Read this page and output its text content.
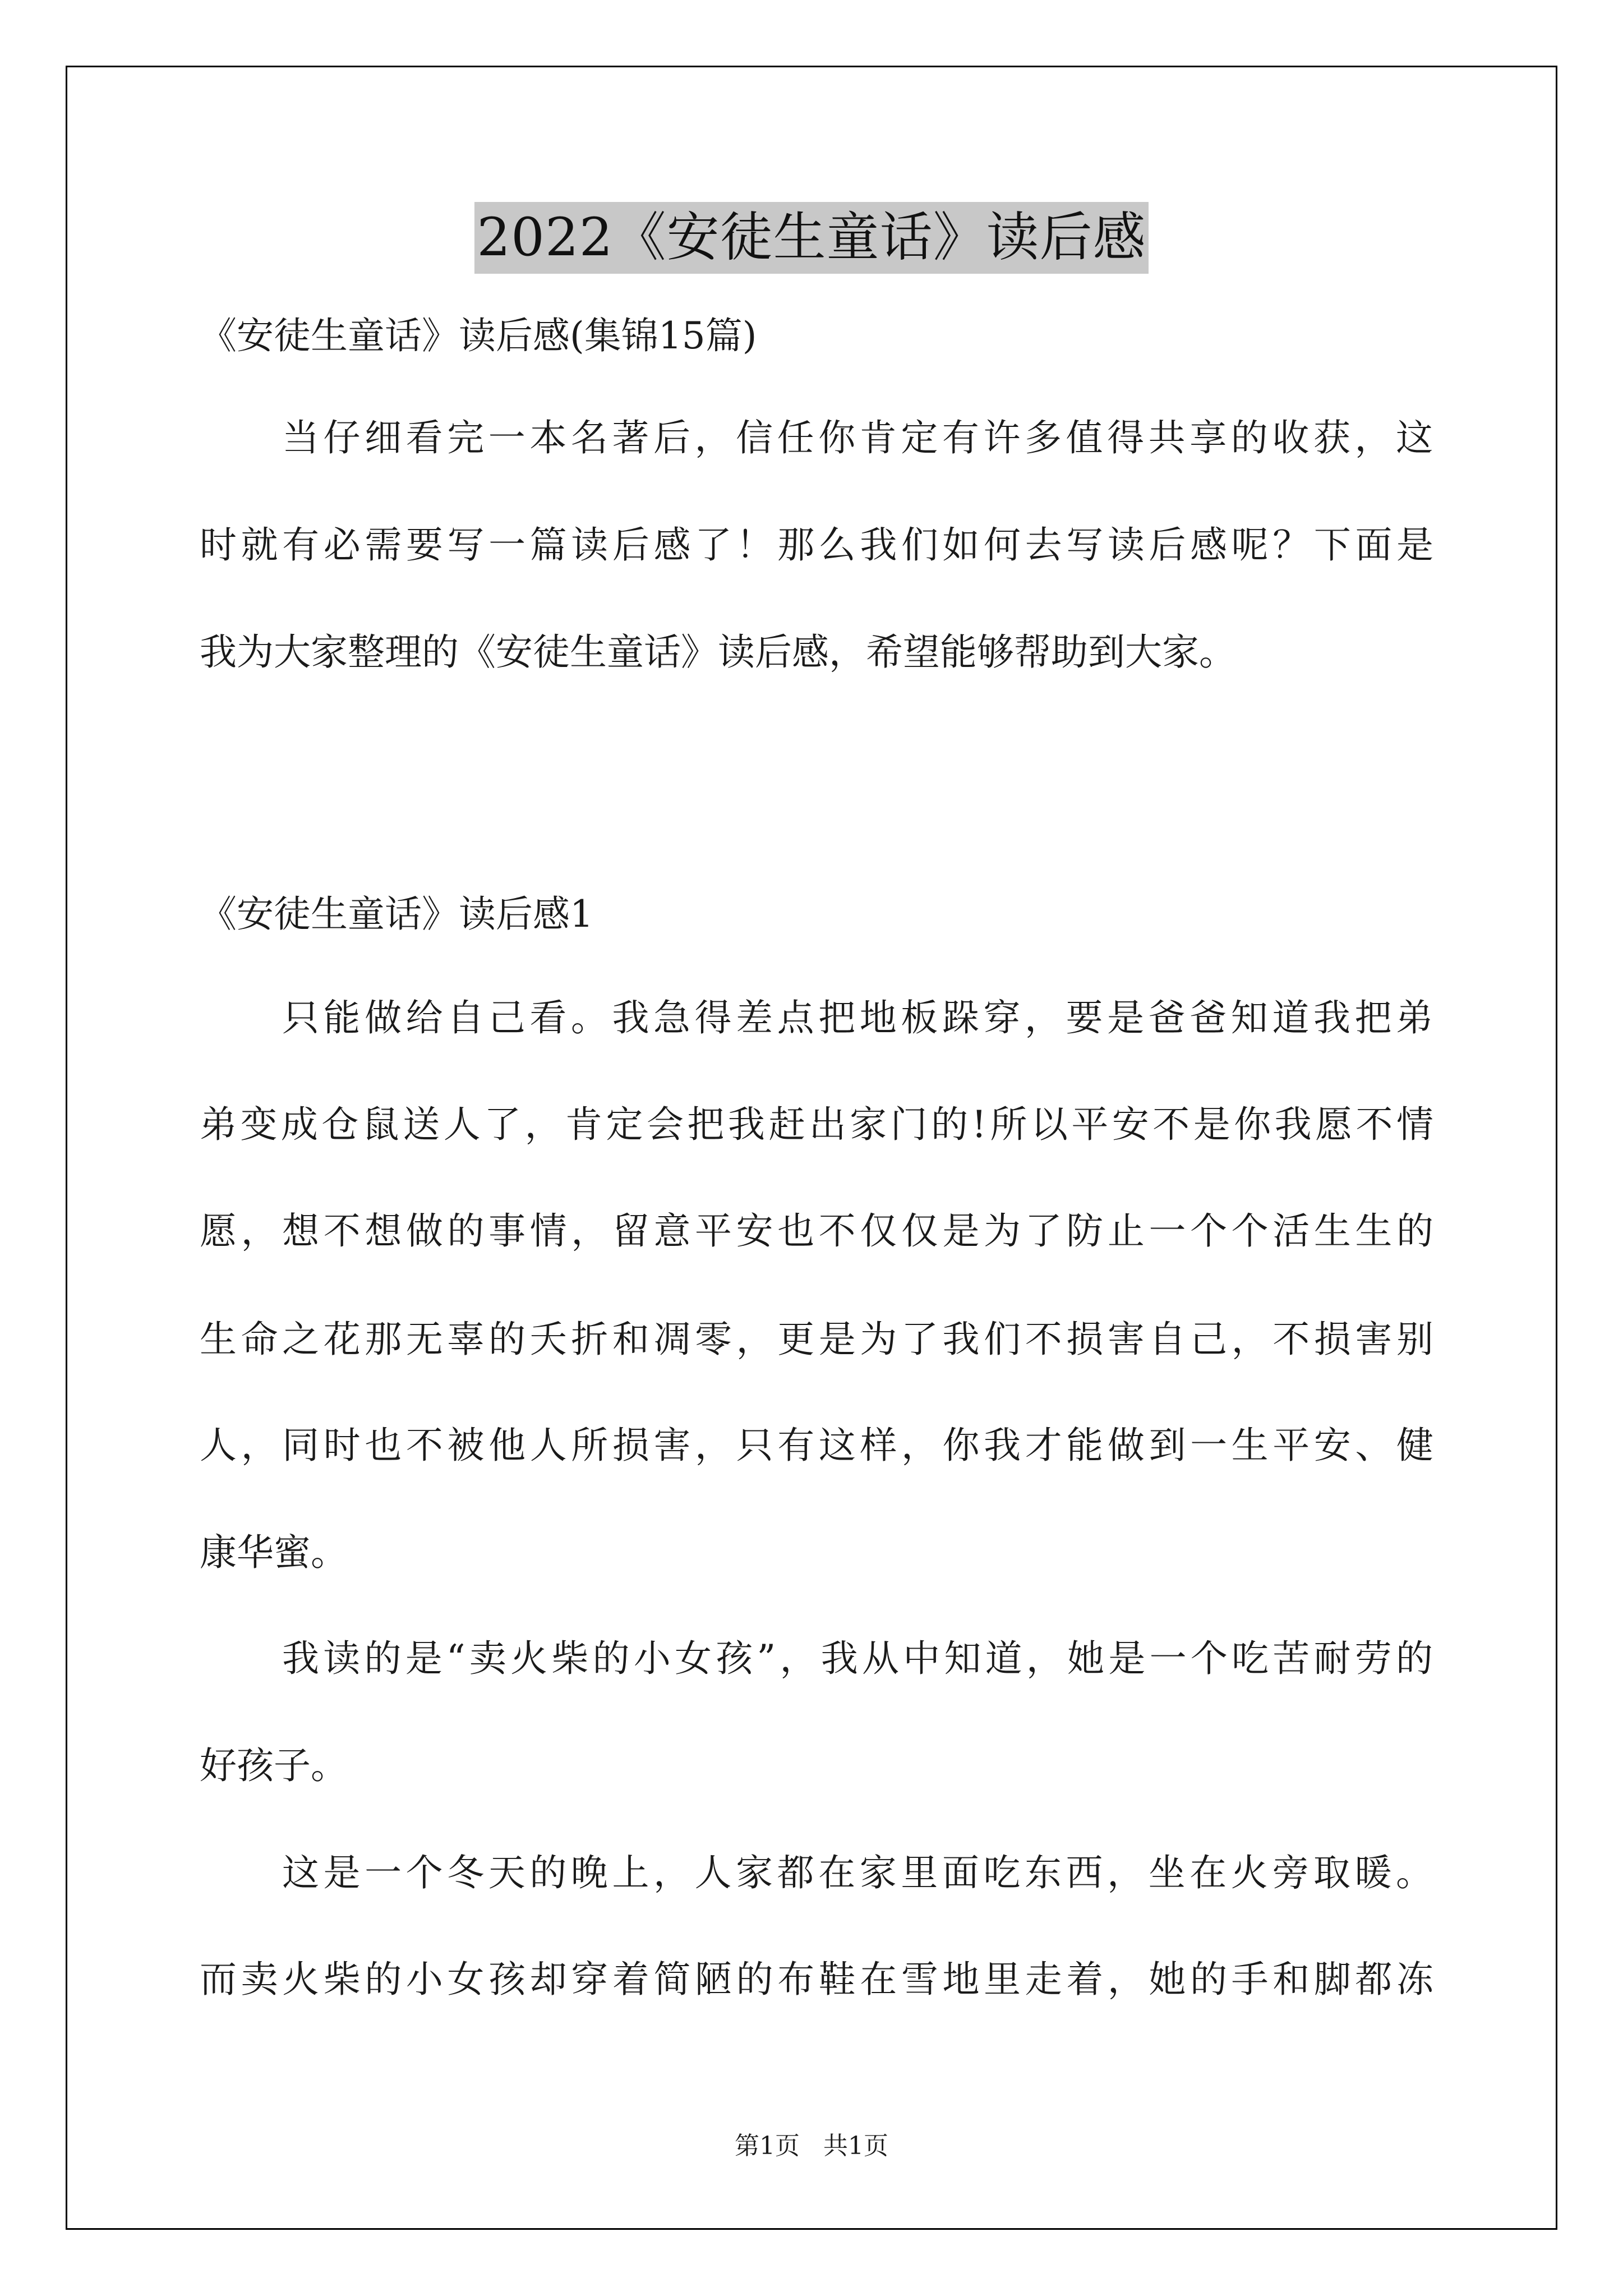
2022《安徒生童话》读后感
《安徒生童话》读后感(集锦15篇)
当仔细看完一本名著后，信任你肯定有许多值得共享的收获，这
时就有必需要写一篇读后感了！那么我们如何去写读后感呢？下面是
我为大家整理的《安徒生童话》读后感，希望能够帮助到大家。
《安徒生童话》读后感1
只能做给自己看。我急得差点把地板跺穿，要是爸爸知道我把弟
弟变成仓鼠送人了，肯定会把我赶出家门的!所以平安不是你我愿不情
愿，想不想做的事情，留意平安也不仅仅是为了防止一个个活生生的
生命之花那无辜的夭折和凋零，更是为了我们不损害自己，不损害别
人，同时也不被他人所损害，只有这样，你我才能做到一生平安、健
康华蜜。
我读的是“卖火柴的小女孩”，我从中知道，她是一个吃苦耐劳的
好孩子。
这是一个冬天的晚上，人家都在家里面吃东西，坐在火旁取暖。
而卖火柴的小女孩却穿着简陋的布鞋在雪地里走着，她的手和脚都冻
第1页 共1页
